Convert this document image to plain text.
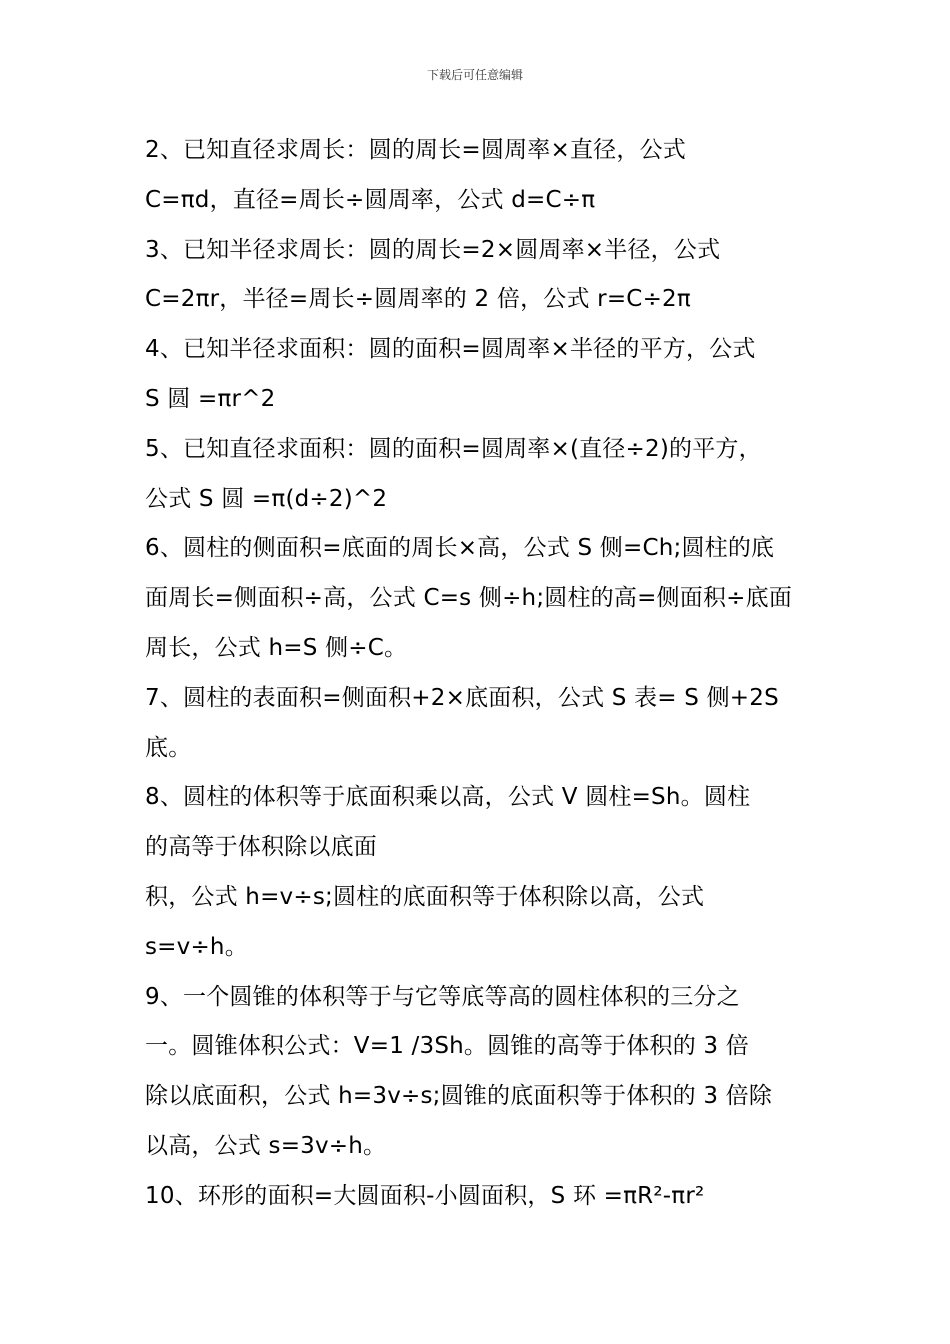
下载后可任意编辑
2、已知直径求周长：圆的周长=圆周率×直径，公式
C=πd，直径=周长÷圆周率，公式 d=C÷π
3、已知半径求周长：圆的周长=2×圆周率×半径，公式
C=2πr，半径=周长÷圆周率的 2 倍，公式 r=C÷2π
4、已知半径求面积：圆的面积=圆周率×半径的平方，公式
S 圆 =πr^2
5、已知直径求面积：圆的面积=圆周率×(直径÷2)的平方，
公式 S 圆 =π(d÷2)^2
6、圆柱的侧面积=底面的周长×高，公式 S 侧=Ch;圆柱的底
面周长=侧面积÷高，公式 C=s 侧÷h;圆柱的高=侧面积÷底面
周长，公式 h=S 侧÷C。
7、圆柱的表面积=侧面积+2×底面积，公式 S 表= S 侧+2S
底。
8、圆柱的体积等于底面积乘以高，公式 V 圆柱=Sh。圆柱
的高等于体积除以底面
积，公式 h=v÷s;圆柱的底面积等于体积除以高，公式
s=v÷h。
9、一个圆锥的体积等于与它等底等高的圆柱体积的三分之
一。圆锥体积公式：V=1 /3Sh。圆锥的高等于体积的 3 倍
除以底面积，公式 h=3v÷s;圆锥的底面积等于体积的 3 倍除
以高，公式 s=3v÷h。
10、环形的面积=大圆面积-小圆面积，S 环 =πR²-πr²
